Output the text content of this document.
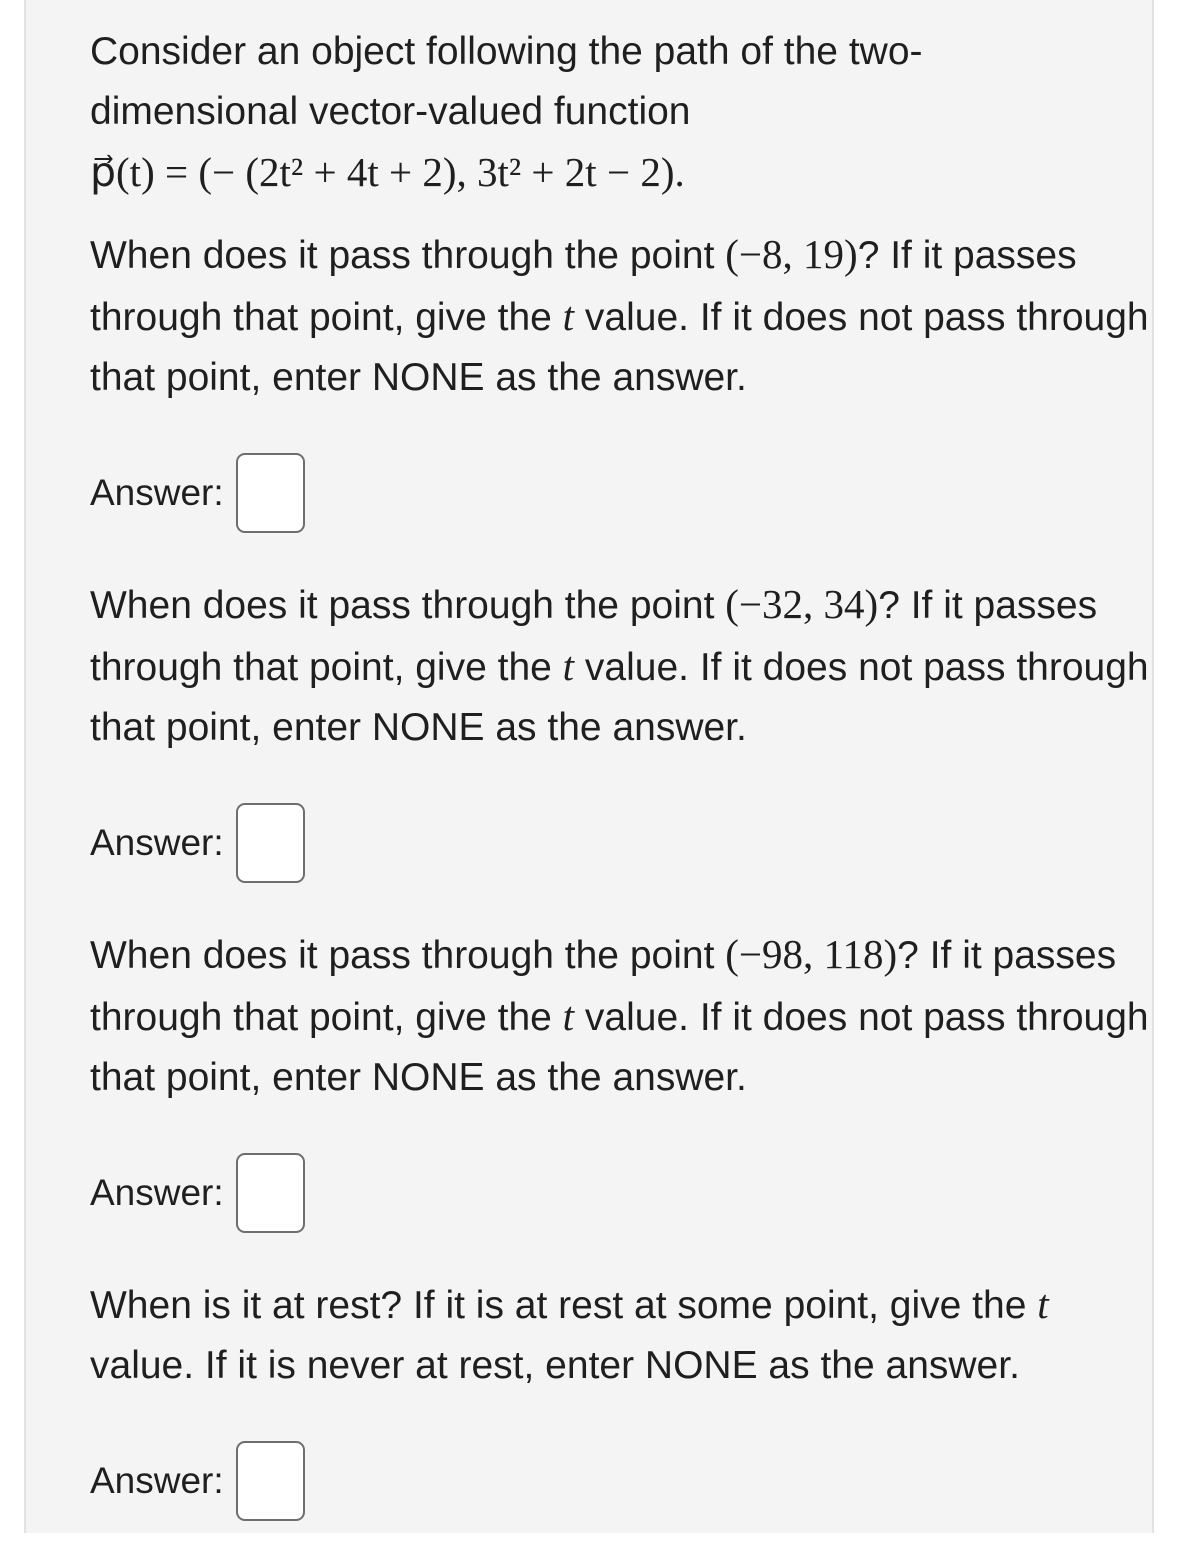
Consider an object following the path of the two-
dimensional vector-valued function
p⃗(t) = (− (2t² + 4t + 2), 3t² + 2t − 2).

When does it pass through the point (−8, 19)? If it passes through that point, give the t value. If it does not pass through that point, enter NONE as the answer.

Answer:

When does it pass through the point (−32, 34)? If it passes through that point, give the t value. If it does not pass through that point, enter NONE as the answer.

Answer:

When does it pass through the point (−98, 118)? If it passes through that point, give the t value. If it does not pass through that point, enter NONE as the answer.

Answer:

When is it at rest? If it is at rest at some point, give the t value. If it is never at rest, enter NONE as the answer.

Answer:
